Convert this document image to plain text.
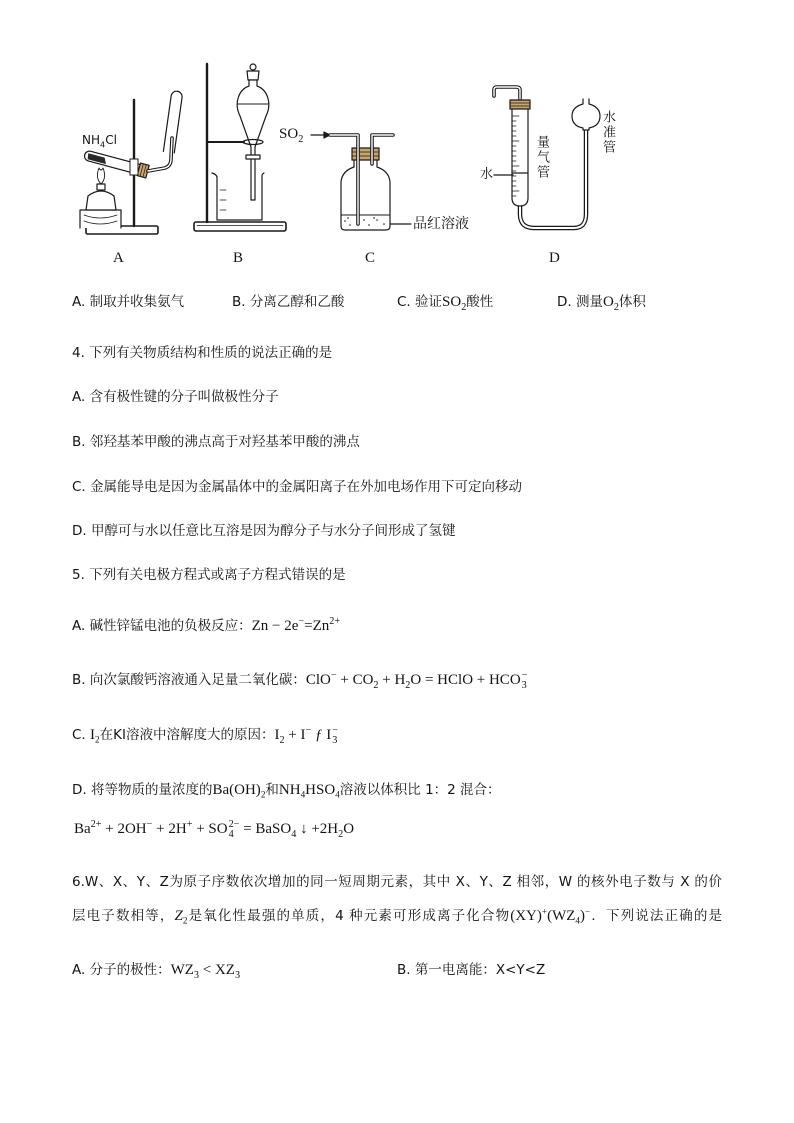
$NH_4Cl$	$SO_2$
品红溶液
水	量气管
水准管
A	B	C	D
A. 制取并收集氨气	B. 分离乙醇和乙酸	C. 验证$SO_2$酸性	D. 测量$O_2$体积
4. 下列有关物质结构和性质的说法正确的是
A. 含有极性键的分子叫做极性分子
B. 邻羟基苯甲酸的沸点高于对羟基苯甲酸的沸点
C. 金属能导电是因为金属晶体中的金属阳离子在外加电场作用下可定向移动
D. 甲醇可与水以任意比互溶是因为醇分子与水分子间形成了氢键
5. 下列有关电极方程式或离子方程式错误的是
A. 碱性锌锰电池的负极反应：$Zn - 2e^-=Zn^{2+}$
B. 向次氯酸钙溶液通入足量二氧化碳：$ClO^- + CO_2 + H_2O$ = HClO + HCO −
3
C. $I_2$在KI溶液中溶解度大的原因：$I_2 + I^-$ ƒ I −
3
D. 将等物质的量浓度的$Ba(OH)_2$和$NH_4HSO_4$溶液以体积比 1：2 混合：
$Ba^{2+} + 2OH^- + 2H^+$ + SO 2−
4 = BaSO$_4$ ↓ $+2H_2O$
6.W、X、Y、Z为原子序数依次增加的同一短周期元素，其中 X、Y、Z 相邻，W 的核外电子数与 X 的价
层电子数相等，$Z_2$是氧化性最强的单质，4 种元素可形成离子化合物$(XY)^+(WZ_4)^-$．下列说法正确的是
A. 分子的极性：$WZ_3 < XZ_3$	B. 第一电离能：X<Y<Z
